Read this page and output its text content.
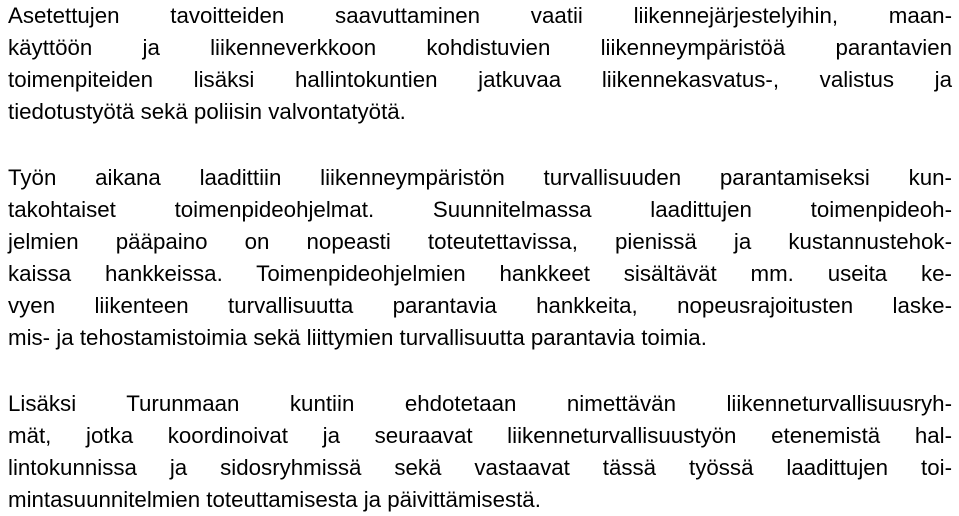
Asetettujen tavoitteiden saavuttaminen vaatii liikennejärjestelyihin, maan-
käyttöön ja liikenneverkkoon kohdistuvien liikenneympäristöä parantavien
toimenpiteiden lisäksi hallintokuntien jatkuvaa liikennekasvatus-, valistus ja
tiedotustyötä sekä poliisin valvontatyötä.
Työn aikana laadittiin liikenneympäristön turvallisuuden parantamiseksi kun-
takohtaiset toimenpideohjelmat. Suunnitelmassa laadittujen toimenpideoh-
jelmien pääpaino on nopeasti toteutettavissa, pienissä ja kustannustehok-
kaissa hankkeissa. Toimenpideohjelmien hankkeet sisältävät mm. useita ke-
vyen liikenteen turvallisuutta parantavia hankkeita, nopeusrajoitusten laske-
mis- ja tehostamistoimia sekä liittymien turvallisuutta parantavia toimia.
Lisäksi Turunmaan kuntiin ehdotetaan nimettävän liikenneturvallisuusryh-
mät, jotka koordinoivat ja seuraavat liikenneturvallisuustyön etenemistä hal-
lintokunnissa ja sidosryhmissä sekä vastaavat tässä työssä laadittujen toi-
mintasuunnitelmien toteuttamisesta ja päivittämisestä.
